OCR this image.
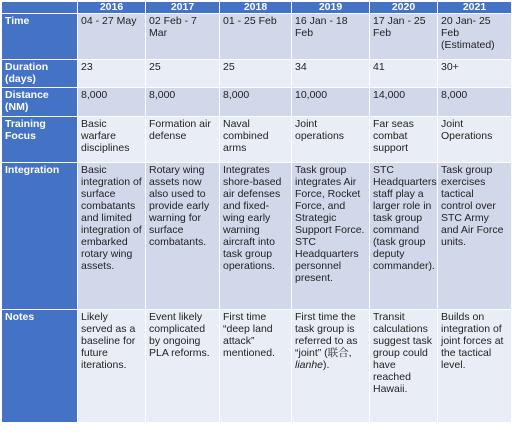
	2016	2017	2018	2019	2020	2021
Time	04 - 27 May	02 Feb - 7 Mar	01 - 25 Feb	16 Jan - 18 Feb	17 Jan - 25 Feb	20 Jan- 25 Feb (Estimated)
Duration (days)	23	25	25	34	41	30+
Distance (NM)	8,000	8,000	8,000	10,000	14,000	8,000
Training Focus	Basic warfare disciplines	Formation air defense	Naval combined arms	Joint operations	Far seas combat support	Joint Operations
Integration	Basic integration of surface combatants and limited integration of embarked rotary wing assets.	Rotary wing assets now also used to provide early warning for surface combatants.	Integrates shore-based air defenses and fixed-wing early warning aircraft into task group operations.	Task group integrates Air Force, Rocket Force, and Strategic Support Force. STC Headquarters personnel present.	STC Headquarters staff play a larger role in task group command (task group deputy commander).	Task group exercises tactical control over STC Army and Air Force units.
Notes	Likely served as a baseline for future iterations.	Event likely complicated by ongoing PLA reforms.	First time “deep land attack” mentioned.	First time the task group is referred to as “joint” (联合, lianhe).	Transit calculations suggest task group could have reached Hawaii.	Builds on integration of joint forces at the tactical level.
